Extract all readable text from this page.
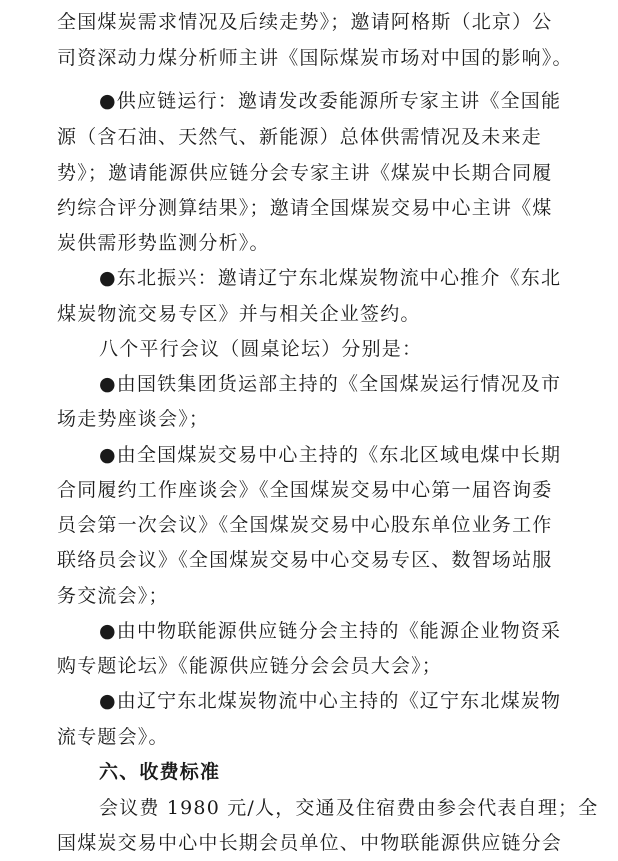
全国煤炭需求情况及后续走势》；邀请阿格斯（北京）公
司资深动力煤分析师主讲《国际煤炭市场对中国的影响》。
●供应链运行：邀请发改委能源所专家主讲《全国能
源（含石油、天然气、新能源）总体供需情况及未来走
势》；邀请能源供应链分会专家主讲《煤炭中长期合同履
约综合评分测算结果》；邀请全国煤炭交易中心主讲《煤
炭供需形势监测分析》。
●东北振兴：邀请辽宁东北煤炭物流中心推介《东北
煤炭物流交易专区》并与相关企业签约。
八个平行会议（圆桌论坛）分别是：
●由国铁集团货运部主持的《全国煤炭运行情况及市
场走势座谈会》；
●由全国煤炭交易中心主持的《东北区域电煤中长期
合同履约工作座谈会》《全国煤炭交易中心第一届咨询委
员会第一次会议》《全国煤炭交易中心股东单位业务工作
联络员会议》《全国煤炭交易中心交易专区、数智场站服
务交流会》；
●由中物联能源供应链分会主持的《能源企业物资采
购专题论坛》《能源供应链分会会员大会》；
●由辽宁东北煤炭物流中心主持的《辽宁东北煤炭物
流专题会》。
六、收费标准
会议费 1980 元/人，交通及住宿费由参会代表自理；全
国煤炭交易中心中长期会员单位、中物联能源供应链分会
